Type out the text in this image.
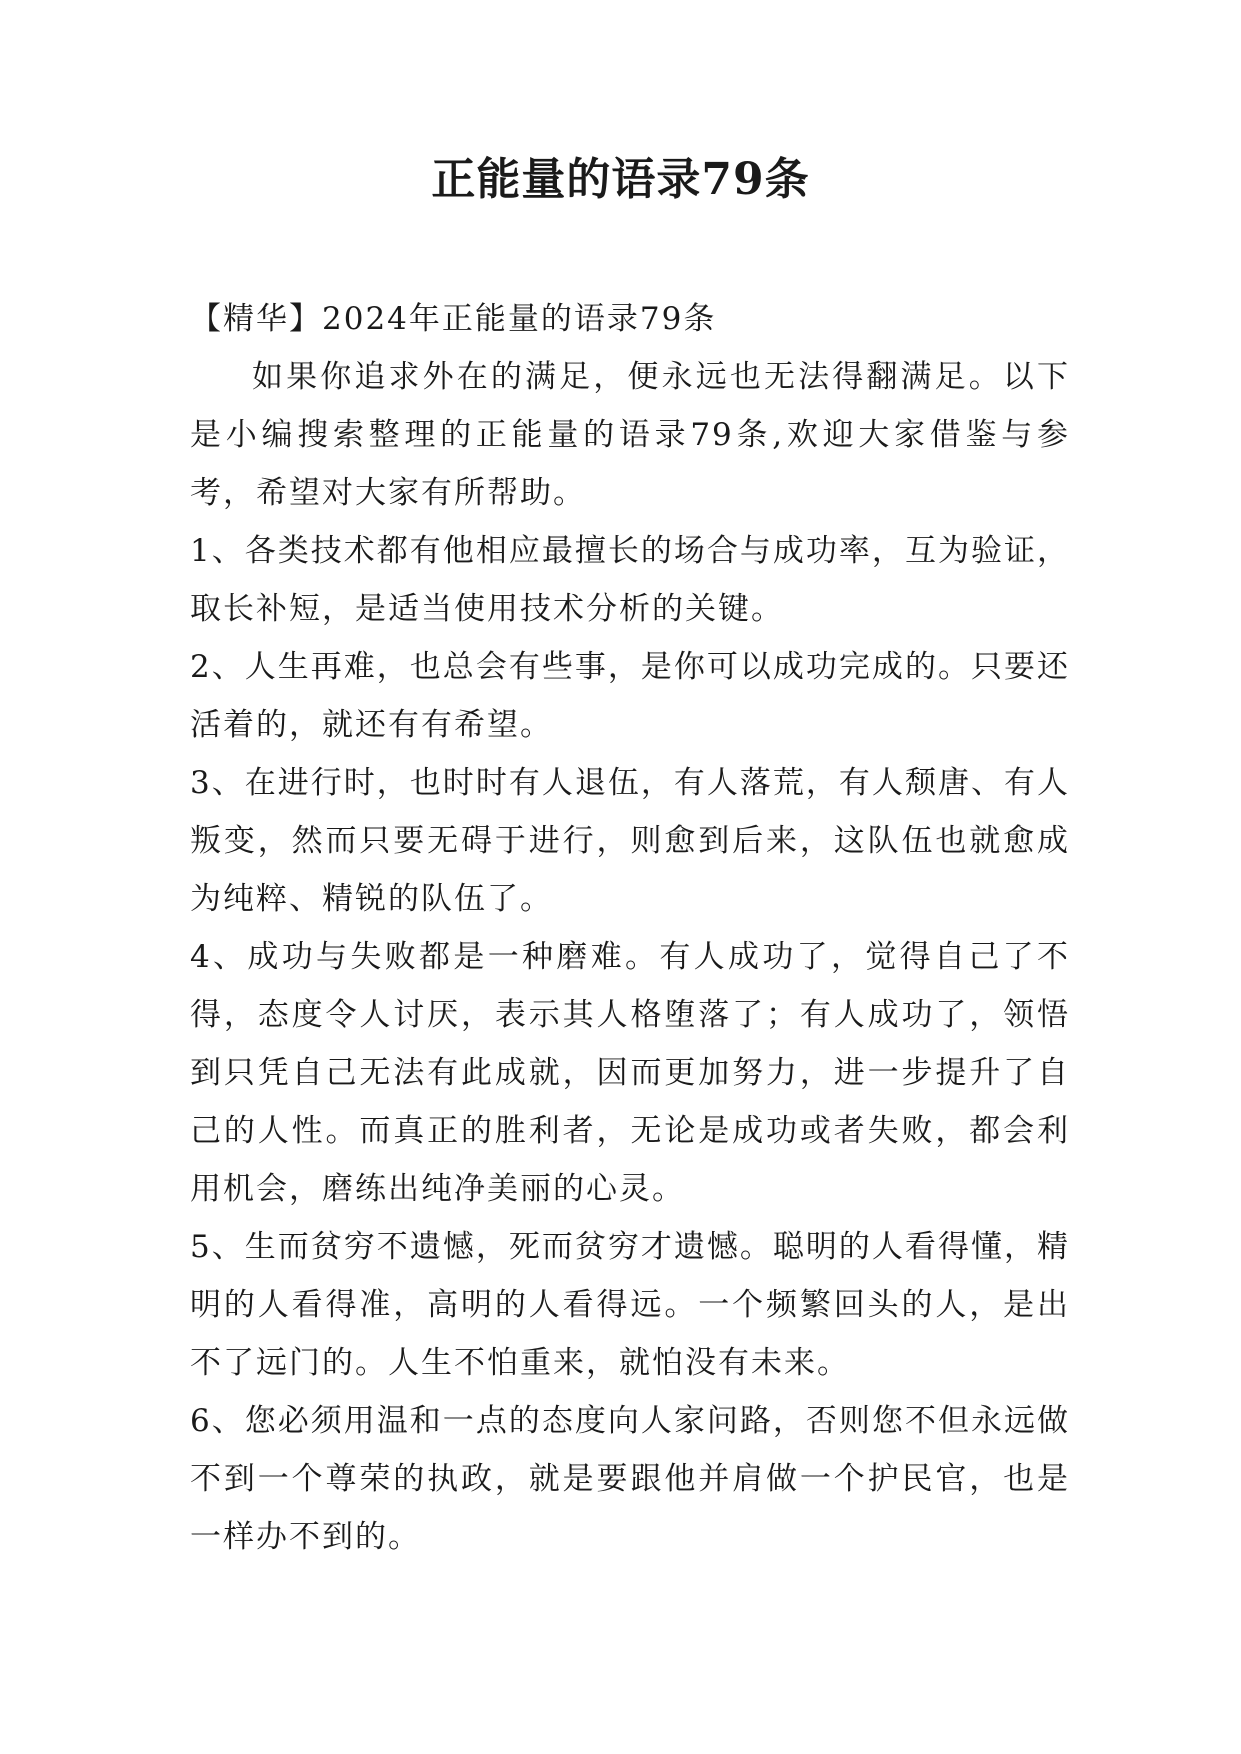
正能量的语录79条

【精华】2024年正能量的语录79条

如果你追求外在的满足，便永远也无法得翻满足。以下是小编搜索整理的正能量的语录79条,欢迎大家借鉴与参考，希望对大家有所帮助。

1、各类技术都有他相应最擅长的场合与成功率，互为验证，取长补短，是适当使用技术分析的关键。

2、人生再难，也总会有些事，是你可以成功完成的。只要还活着的，就还有有希望。

3、在进行时，也时时有人退伍，有人落荒，有人颓唐、有人叛变，然而只要无碍于进行，则愈到后来，这队伍也就愈成为纯粹、精锐的队伍了。

4、成功与失败都是一种磨难。有人成功了，觉得自己了不得，态度令人讨厌，表示其人格堕落了；有人成功了，领悟到只凭自己无法有此成就，因而更加努力，进一步提升了自己的人性。而真正的胜利者，无论是成功或者失败，都会利用机会，磨练出纯净美丽的心灵。

5、生而贫穷不遗憾，死而贫穷才遗憾。聪明的人看得懂，精明的人看得准，高明的人看得远。一个频繁回头的人，是出不了远门的。人生不怕重来，就怕没有未来。

6、您必须用温和一点的态度向人家问路，否则您不但永远做不到一个尊荣的执政，就是要跟他并肩做一个护民官，也是一样办不到的。
